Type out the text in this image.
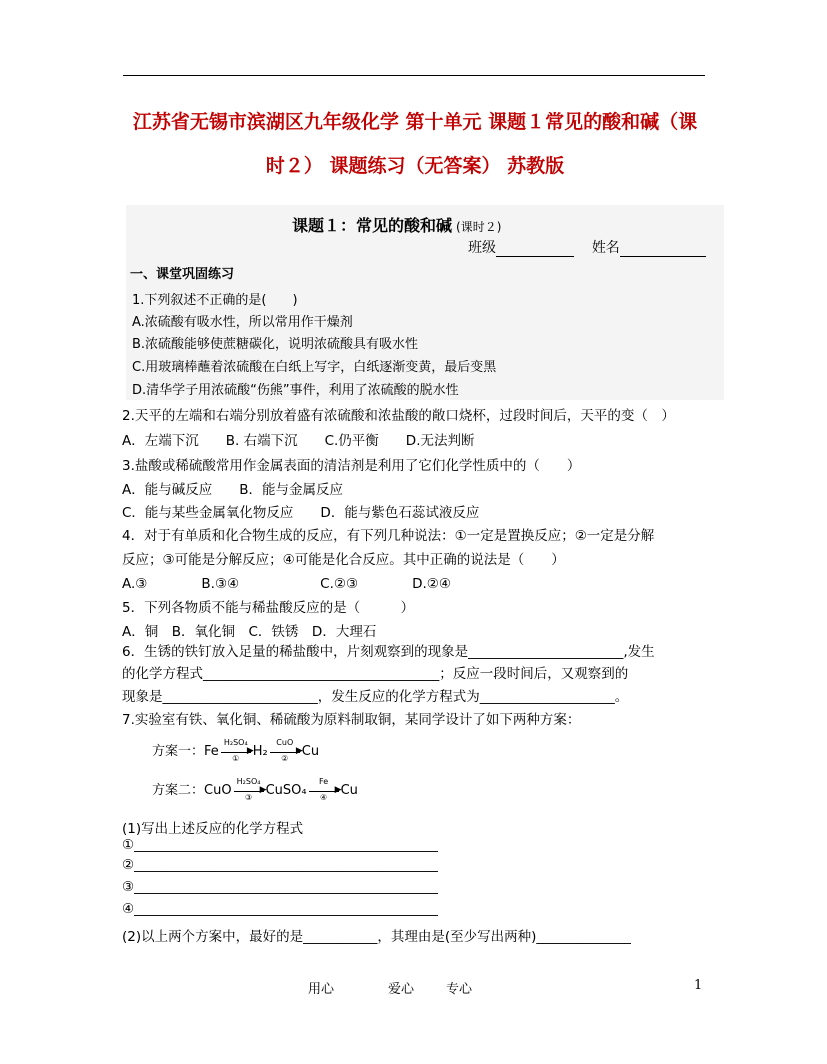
江苏省无锡市滨湖区九年级化学 第十单元 课题１常见的酸和碱（课
时２） 课题练习（无答案） 苏教版
课题１：常见的酸和碱 (课时２)
班级	姓名
一、课堂巩固练习
1.下列叙述不正确的是(　　)
A.浓硫酸有吸水性，所以常用作干燥剂
B.浓硫酸能够使蔗糖碳化，说明浓硫酸具有吸水性
C.用玻璃棒蘸着浓硫酸在白纸上写字，白纸逐渐变黄，最后变黑
D.清华学子用浓硫酸“伤熊”事件，利用了浓硫酸的脱水性
2.天平的左端和右端分别放着盛有浓硫酸和浓盐酸的敞口烧杯，过段时间后，天平的变（　）
A．左端下沉　　B. 右端下沉　　C.仍平衡　　D.无法判断
3.盐酸或稀硫酸常用作金属表面的清洁剂是利用了它们化学性质中的（　　）
A．能与碱反应　　B．能与金属反应
C．能与某些金属氧化物反应　　D．能与紫色石蕊试液反应
4．对于有单质和化合物生成的反应，有下列几种说法：①一定是置换反应；②一定是分解
反应；③可能是分解反应；④可能是化合反应。其中正确的说法是（　　）
A.③　　　　B.③④　　　　　　C.②③　　　　D.②④
5．下列各物质不能与稀盐酸反应的是（　　　）
A．铜　B．氧化铜　C．铁锈　D．大理石
6．生锈的铁钉放入足量的稀盐酸中，片刻观察到的现象是_______________________,发生
的化学方程式___________________________________；反应一段时间后，又观察到的
现象是_______________________，发生反应的化学方程式为____________________。
7.实验室有铁、氧化铜、稀硫酸为原料制取铜，某同学设计了如下两种方案：
方案一：Fe
H₂SO₄
▶
①	H₂
CuO
▶
②	Cu
方案二：CuO
H₂SO₄
▶
③	CuSO₄
Fe
▶
④	Cu
(1)写出上述反应的化学方程式
①_____________________________________________
②_____________________________________________
③_____________________________________________
④_____________________________________________
(2)以上两个方案中，最好的是___________，其理由是(至少写出两种)______________
用心	爱心 专心	1
